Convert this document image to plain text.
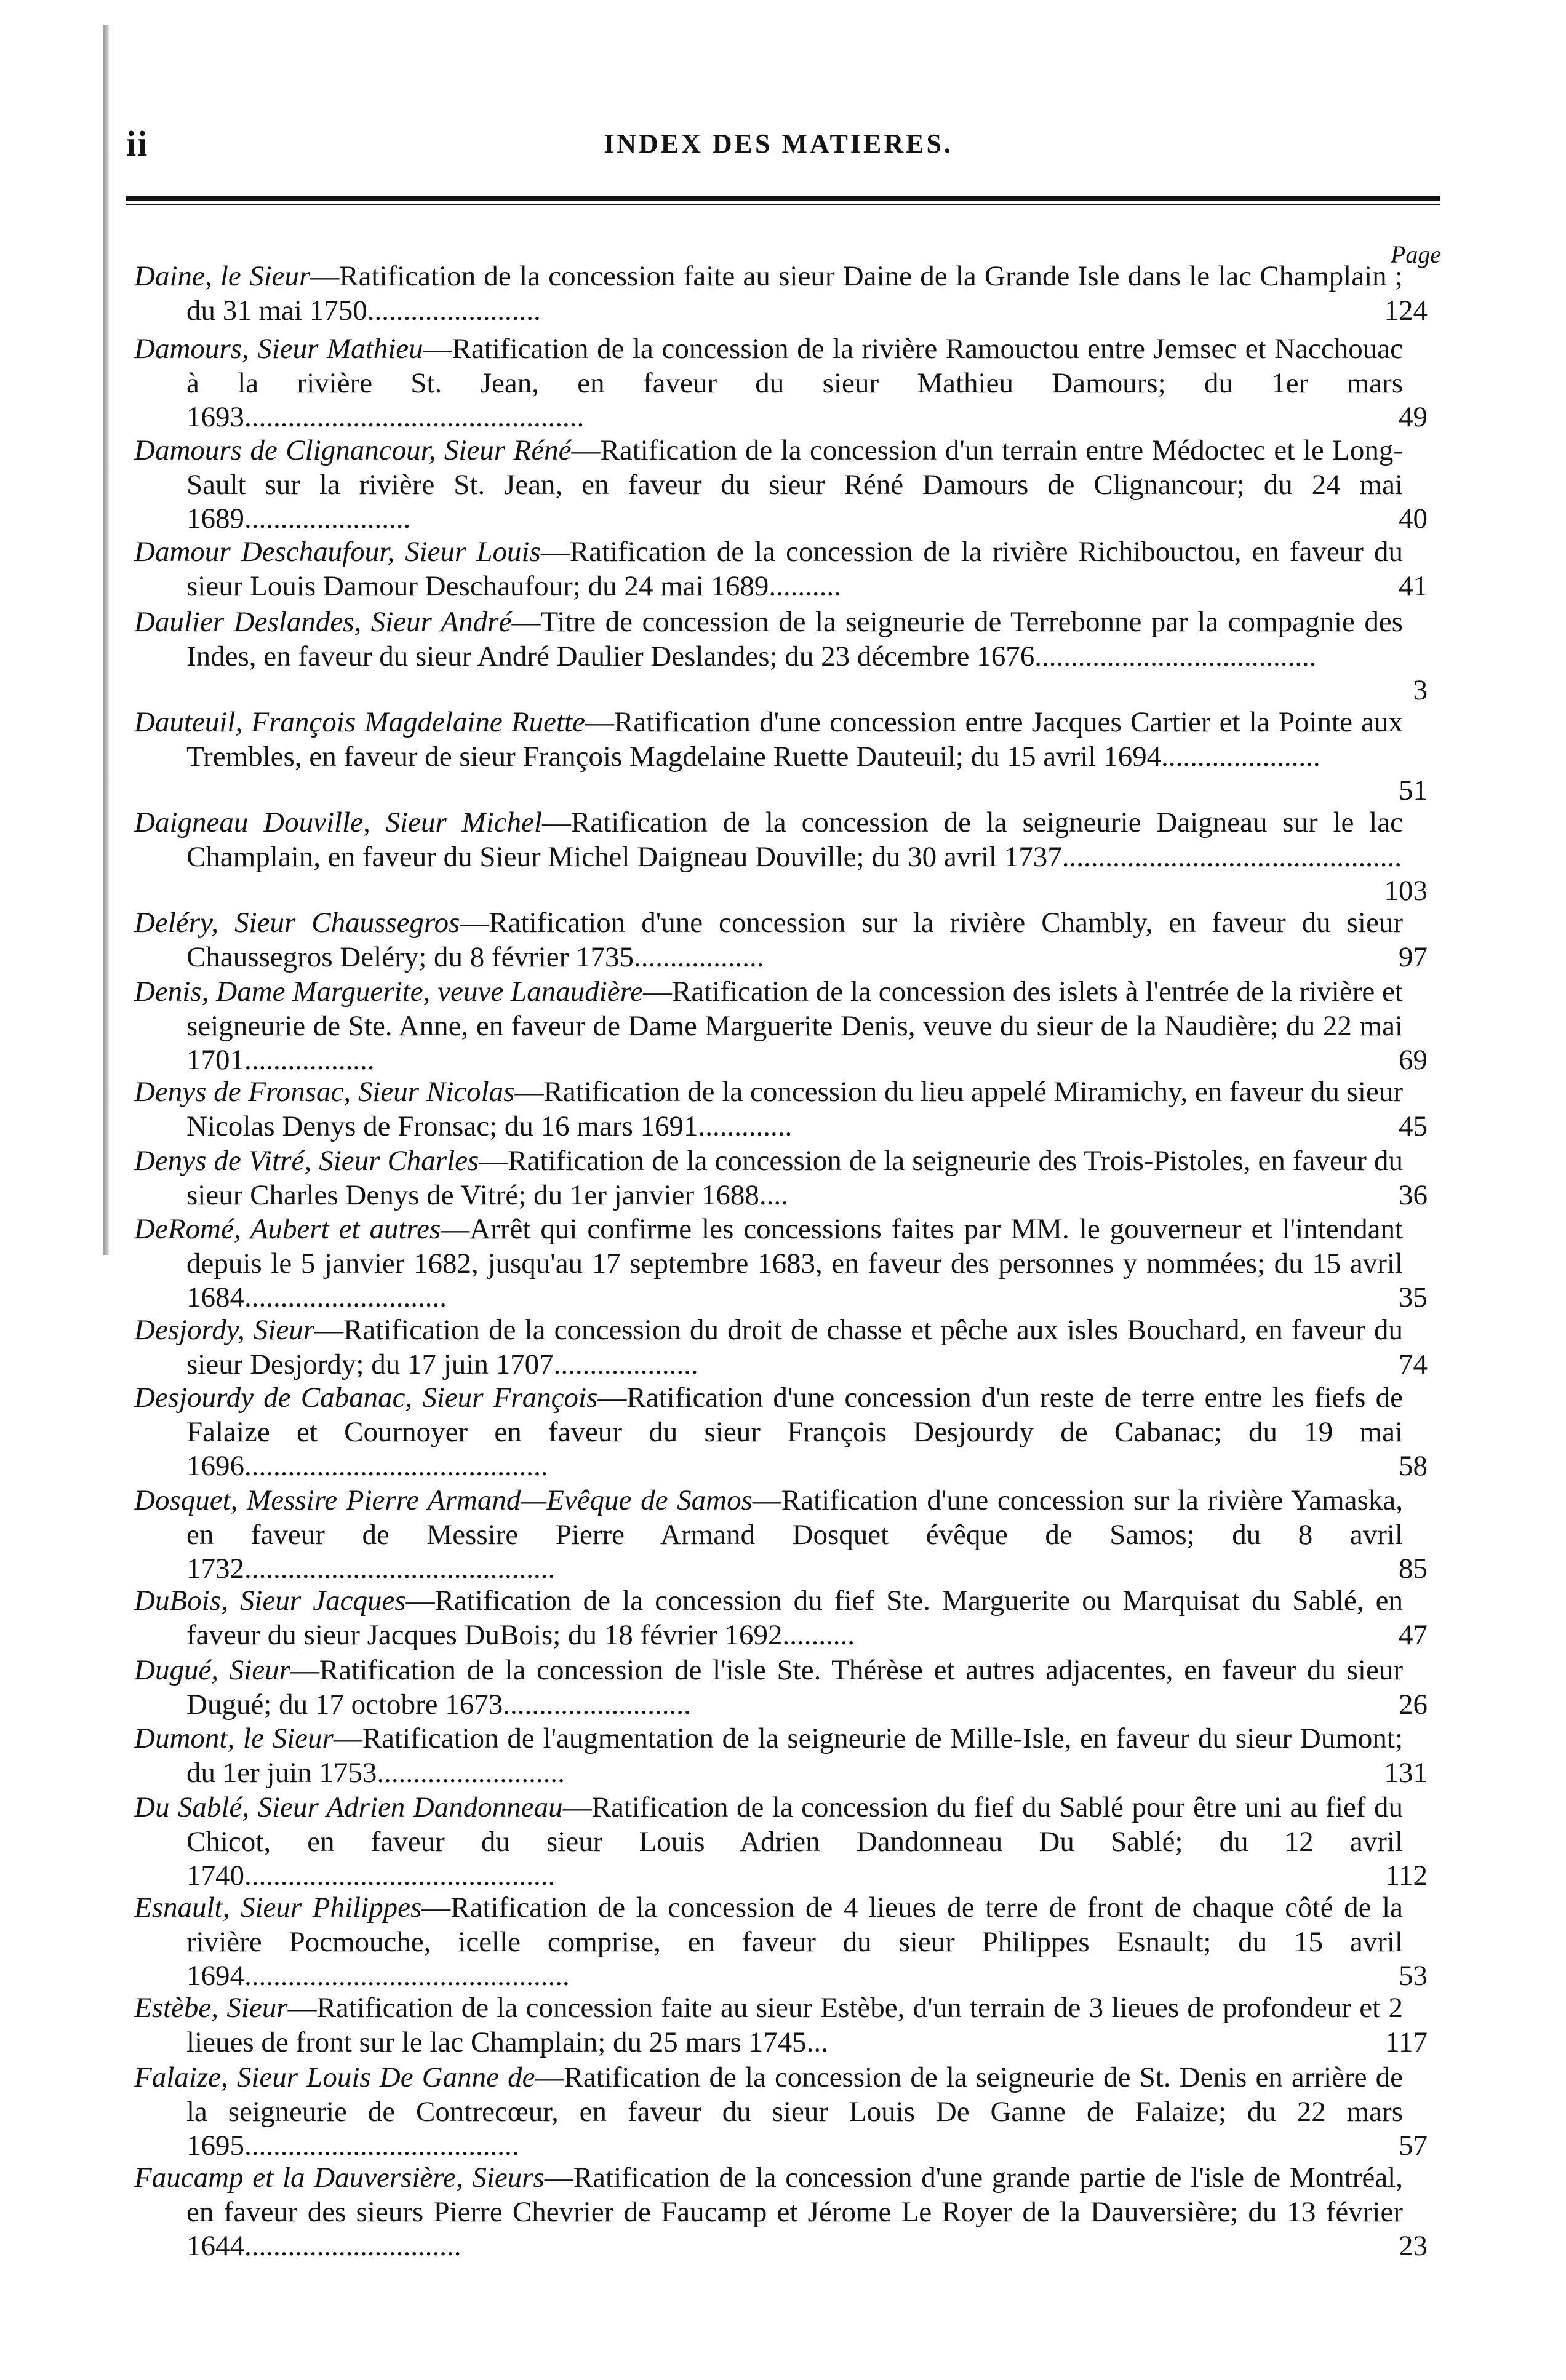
ii	INDEX DES MATIERES.
Page
Daine, le Sieur—Ratification de la concession faite au sieur Daine de la Grande Isle dans le lac Champlain ; du 31 mai 1750........................	124
Damours, Sieur Mathieu—Ratification de la concession de la rivière Ramouctou entre Jemsec et Nacchouac à la rivière St. Jean, en faveur du sieur Mathieu Damours; du 1er mars 1693...............................................	49
Damours de Clignancour, Sieur Réné—Ratification de la concession d'un terrain entre Médoctec et le Long-Sault sur la rivière St. Jean, en faveur du sieur Réné Damours de Clignancour; du 24 mai 1689.......................	40
Damour Deschaufour, Sieur Louis—Ratification de la concession de la rivière Richibouctou, en faveur du sieur Louis Damour Deschaufour; du 24 mai 1689..........	41
Daulier Deslandes, Sieur André—Titre de concession de la seigneurie de Terrebonne par la compagnie des Indes, en faveur du sieur André Daulier Deslandes; du 23 décembre 1676.......................................
3
Dauteuil, François Magdelaine Ruette—Ratification d'une concession entre Jacques Cartier et la Pointe aux Trembles, en faveur de sieur François Magdelaine Ruette Dauteuil; du 15 avril 1694......................
51
Daigneau Douville, Sieur Michel—Ratification de la concession de la seigneurie Daigneau sur le lac Champlain, en faveur du Sieur Michel Daigneau Douville; du 30 avril 1737...............................................
103
Deléry, Sieur Chaussegros—Ratification d'une concession sur la rivière Chambly, en faveur du sieur Chaussegros Deléry; du 8 février 1735..................	97
Denis, Dame Marguerite, veuve Lanaudière—Ratification de la concession des islets à l'entrée de la rivière et seigneurie de Ste. Anne, en faveur de Dame Marguerite Denis, veuve du sieur de la Naudière; du 22 mai 1701..................	69
Denys de Fronsac, Sieur Nicolas—Ratification de la concession du lieu appelé Miramichy, en faveur du sieur Nicolas Denys de Fronsac; du 16 mars 1691.............	45
Denys de Vitré, Sieur Charles—Ratification de la concession de la seigneurie des Trois-Pistoles, en faveur du sieur Charles Denys de Vitré; du 1er janvier 1688....	36
DeRomé, Aubert et autres—Arrêt qui confirme les concessions faites par MM. le gouverneur et l'intendant depuis le 5 janvier 1682, jusqu'au 17 septembre 1683, en faveur des personnes y nommées; du 15 avril 1684............................	35
Desjordy, Sieur—Ratification de la concession du droit de chasse et pêche aux isles Bouchard, en faveur du sieur Desjordy; du 17 juin 1707....................	74
Desjourdy de Cabanac, Sieur François—Ratification d'une concession d'un reste de terre entre les fiefs de Falaize et Cournoyer en faveur du sieur François Desjourdy de Cabanac; du 19 mai 1696..........................................	58
Dosquet, Messire Pierre Armand—Evêque de Samos—Ratification d'une concession sur la rivière Yamaska, en faveur de Messire Pierre Armand Dosquet évêque de Samos; du 8 avril 1732...........................................	85
DuBois, Sieur Jacques—Ratification de la concession du fief Ste. Marguerite ou Marquisat du Sablé, en faveur du sieur Jacques DuBois; du 18 février 1692..........	47
Dugué, Sieur—Ratification de la concession de l'isle Ste. Thérèse et autres adjacentes, en faveur du sieur Dugué; du 17 octobre 1673..........................	26
Dumont, le Sieur—Ratification de l'augmentation de la seigneurie de Mille-Isle, en faveur du sieur Dumont; du 1er juin 1753..........................	131
Du Sablé, Sieur Adrien Dandonneau—Ratification de la concession du fief du Sablé pour être uni au fief du Chicot, en faveur du sieur Louis Adrien Dandonneau Du Sablé; du 12 avril 1740...........................................	112
Esnault, Sieur Philippes—Ratification de la concession de 4 lieues de terre de front de chaque côté de la rivière Pocmouche, icelle comprise, en faveur du sieur Philippes Esnault; du 15 avril 1694.............................................	53
Estèbe, Sieur—Ratification de la concession faite au sieur Estèbe, d'un terrain de 3 lieues de profondeur et 2 lieues de front sur le lac Champlain; du 25 mars 1745...	117
Falaize, Sieur Louis De Ganne de—Ratification de la concession de la seigneurie de St. Denis en arrière de la seigneurie de Contrecœur, en faveur du sieur Louis De Ganne de Falaize; du 22 mars 1695......................................	57
Faucamp et la Dauversière, Sieurs—Ratification de la concession d'une grande partie de l'isle de Montréal, en faveur des sieurs Pierre Chevrier de Faucamp et Jérome Le Royer de la Dauversière; du 13 février 1644..............................	23
